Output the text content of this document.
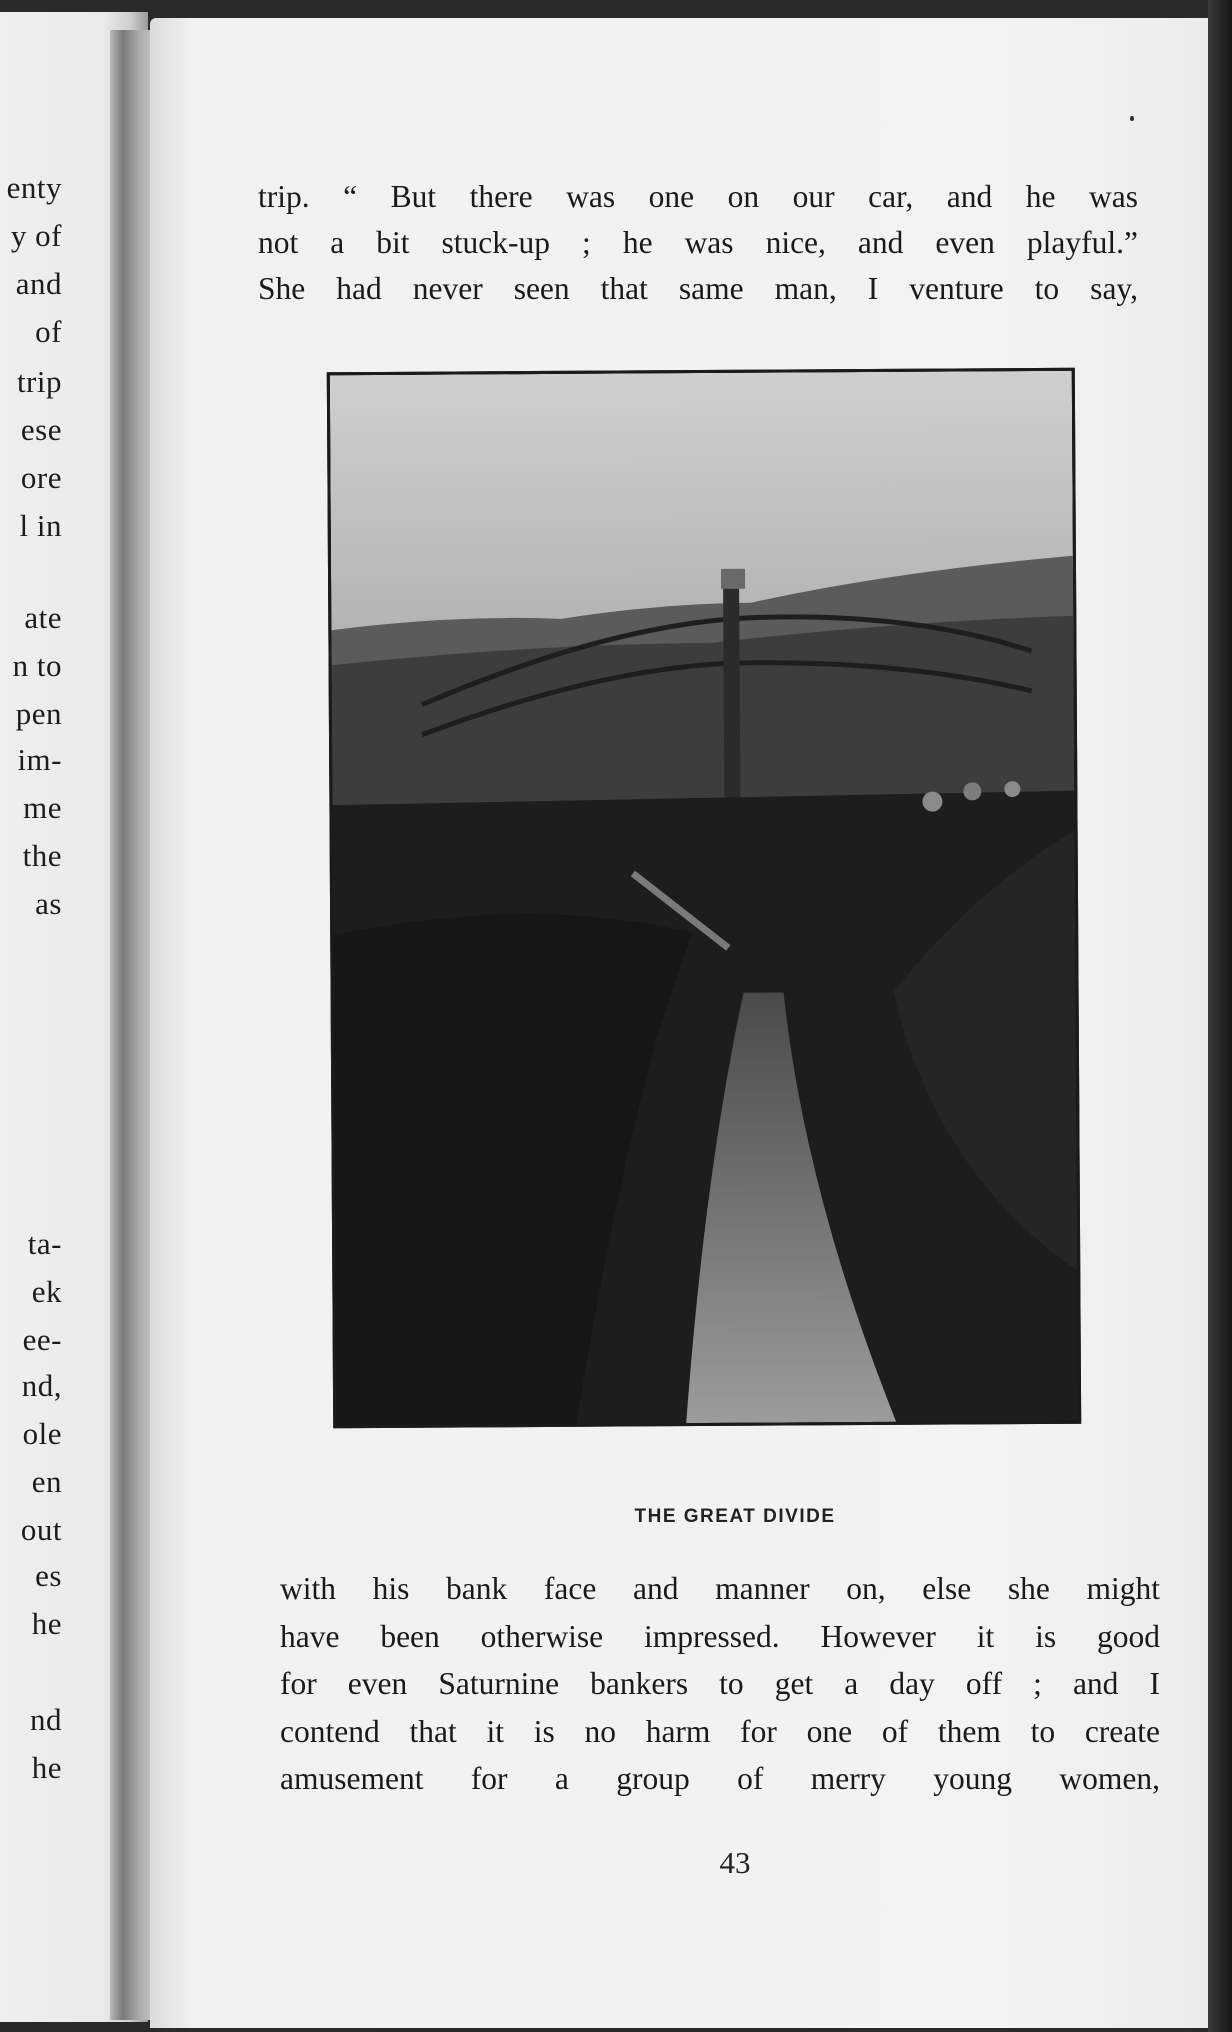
enty
y of
and
of
trip
ese
ore
l in
ate
n to
pen
im-
me
the
as
ta-
ek
ee-
nd,
ole
en
out
es
he
nd
he
trip. “ But there was one on our car, and he was
not a bit stuck-up ; he was nice, and even playful.”
She had never seen that same man, I venture to say,
THE GREAT DIVIDE
with his bank face and manner on, else she might
have been otherwise impressed. However it is good
for even Saturnine bankers to get a day off ; and I
contend that it is no harm for one of them to create
amusement for a group of merry young women,
43
